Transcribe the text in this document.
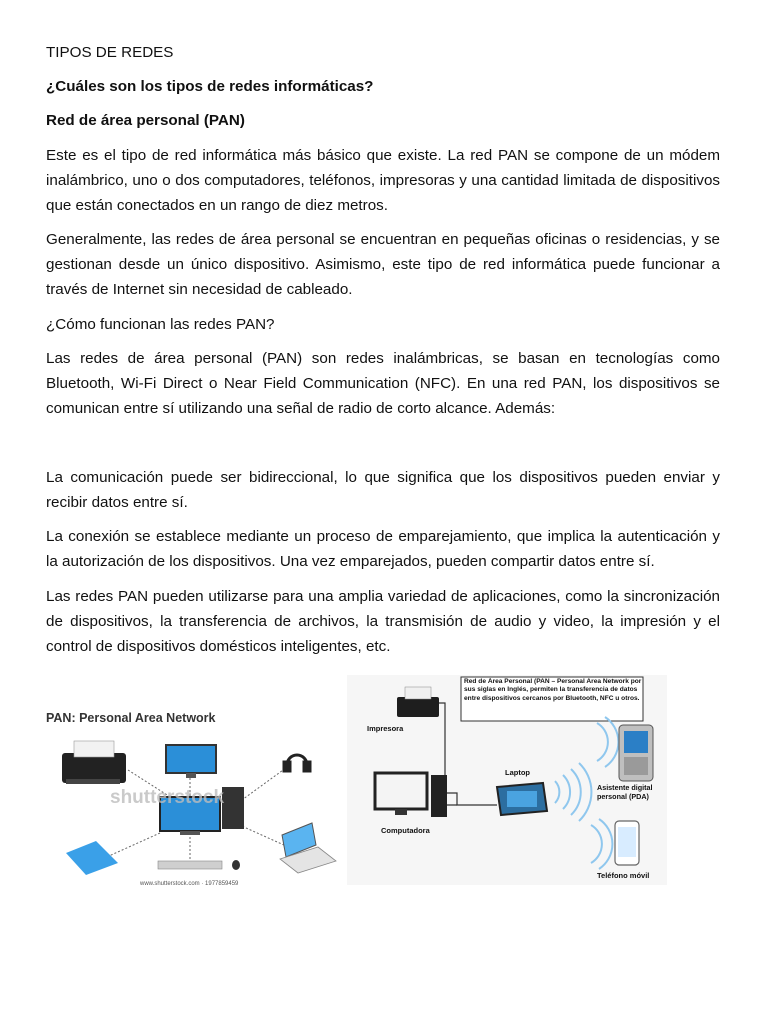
TIPOS DE REDES

¿Cuáles son los tipos de redes informáticas?

Red de área personal (PAN)

Este es el tipo de red informática más básico que existe. La red PAN se compone de un módem inalámbrico, uno o dos computadores, teléfonos, impresoras y una cantidad limitada de dispositivos que están conectados en un rango de diez metros.

Generalmente, las redes de área personal se encuentran en pequeñas oficinas o residencias, y se gestionan desde un único dispositivo. Asimismo, este tipo de red informática puede funcionar a través de Internet sin necesidad de cableado.

¿Cómo funcionan las redes PAN?

Las redes de área personal (PAN) son redes inalámbricas, se basan en tecnologías como Bluetooth, Wi-Fi Direct o Near Field Communication (NFC). En una red PAN, los dispositivos se comunican entre sí utilizando una señal de radio de corto alcance. Además:

La comunicación puede ser bidireccional, lo que significa que los dispositivos pueden enviar y recibir datos entre sí.

La conexión se establece mediante un proceso de emparejamiento, que implica la autenticación y la autorización de los dispositivos. Una vez emparejados, pueden compartir datos entre sí.

Las redes PAN pueden utilizarse para una amplia variedad de aplicaciones, como la sincronización de dispositivos, la transferencia de archivos, la transmisión de audio y video, la impresión y el control de dispositivos domésticos inteligentes, etc.

PAN: Personal Area Network
shutterstock
www.shutterstock.com · 1977859459
Red de Área Personal (PAN – Personal Area Network por sus siglas en Inglés, permiten la transferencia de datos entre dispositivos cercanos por Bluetooth, NFC u otros.
Impresora
Computadora
Laptop
Asistente digital personal (PDA)
Teléfono móvil
